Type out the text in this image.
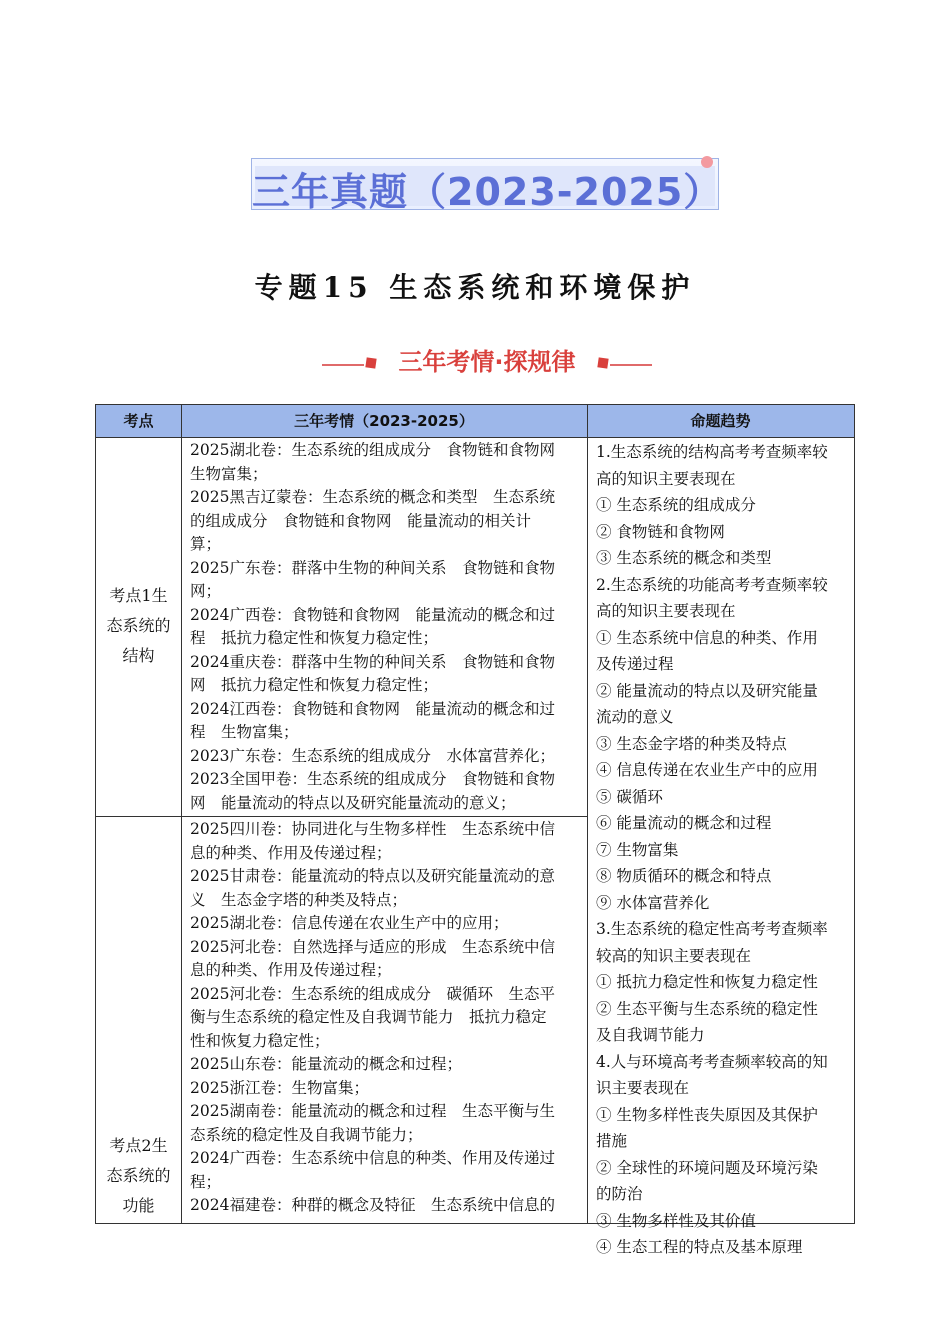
三年真题（2023-2025）
专题15 生态系统和环境保护
三年考情·探规律
考点	三年考情（2023-2025）	命题趋势
考点1生态系统的结构
2025湖北卷：生态系统的组成成分　食物链和食物网
生物富集；
2025黑吉辽蒙卷：生态系统的概念和类型　生态系统
的组成成分　食物链和食物网　能量流动的相关计
算；
2025广东卷：群落中生物的种间关系　食物链和食物
网；
2024广西卷：食物链和食物网　能量流动的概念和过
程　抵抗力稳定性和恢复力稳定性；
2024重庆卷：群落中生物的种间关系　食物链和食物
网　抵抗力稳定性和恢复力稳定性；
2024江西卷：食物链和食物网　能量流动的概念和过
程　生物富集；
2023广东卷：生态系统的组成成分　水体富营养化；
2023全国甲卷：生态系统的组成成分　食物链和食物
网　能量流动的特点以及研究能量流动的意义；
考点2生态系统的功能
2025四川卷：协同进化与生物多样性　生态系统中信
息的种类、作用及传递过程；
2025甘肃卷：能量流动的特点以及研究能量流动的意
义　生态金字塔的种类及特点；
2025湖北卷：信息传递在农业生产中的应用；
2025河北卷：自然选择与适应的形成　生态系统中信
息的种类、作用及传递过程；
2025河北卷：生态系统的组成成分　碳循环　生态平
衡与生态系统的稳定性及自我调节能力　抵抗力稳定
性和恢复力稳定性；
2025山东卷：能量流动的概念和过程；
2025浙江卷：生物富集；
2025湖南卷：能量流动的概念和过程　生态平衡与生
态系统的稳定性及自我调节能力；
2024广西卷：生态系统中信息的种类、作用及传递过
程；
2024福建卷：种群的概念及特征　生态系统中信息的
1.生态系统的结构高考考查频率较
高的知识主要表现在
① 生态系统的组成成分
② 食物链和食物网
③ 生态系统的概念和类型
2.生态系统的功能高考考查频率较
高的知识主要表现在
① 生态系统中信息的种类、作用
及传递过程
② 能量流动的特点以及研究能量
流动的意义
③ 生态金字塔的种类及特点
④ 信息传递在农业生产中的应用
⑤ 碳循环
⑥ 能量流动的概念和过程
⑦ 生物富集
⑧ 物质循环的概念和特点
⑨ 水体富营养化
3.生态系统的稳定性高考考查频率
较高的知识主要表现在
① 抵抗力稳定性和恢复力稳定性
② 生态平衡与生态系统的稳定性
及自我调节能力
4.人与环境高考考查频率较高的知
识主要表现在
① 生物多样性丧失原因及其保护
措施
② 全球性的环境问题及环境污染
的防治
③ 生物多样性及其价值
④ 生态工程的特点及基本原理
